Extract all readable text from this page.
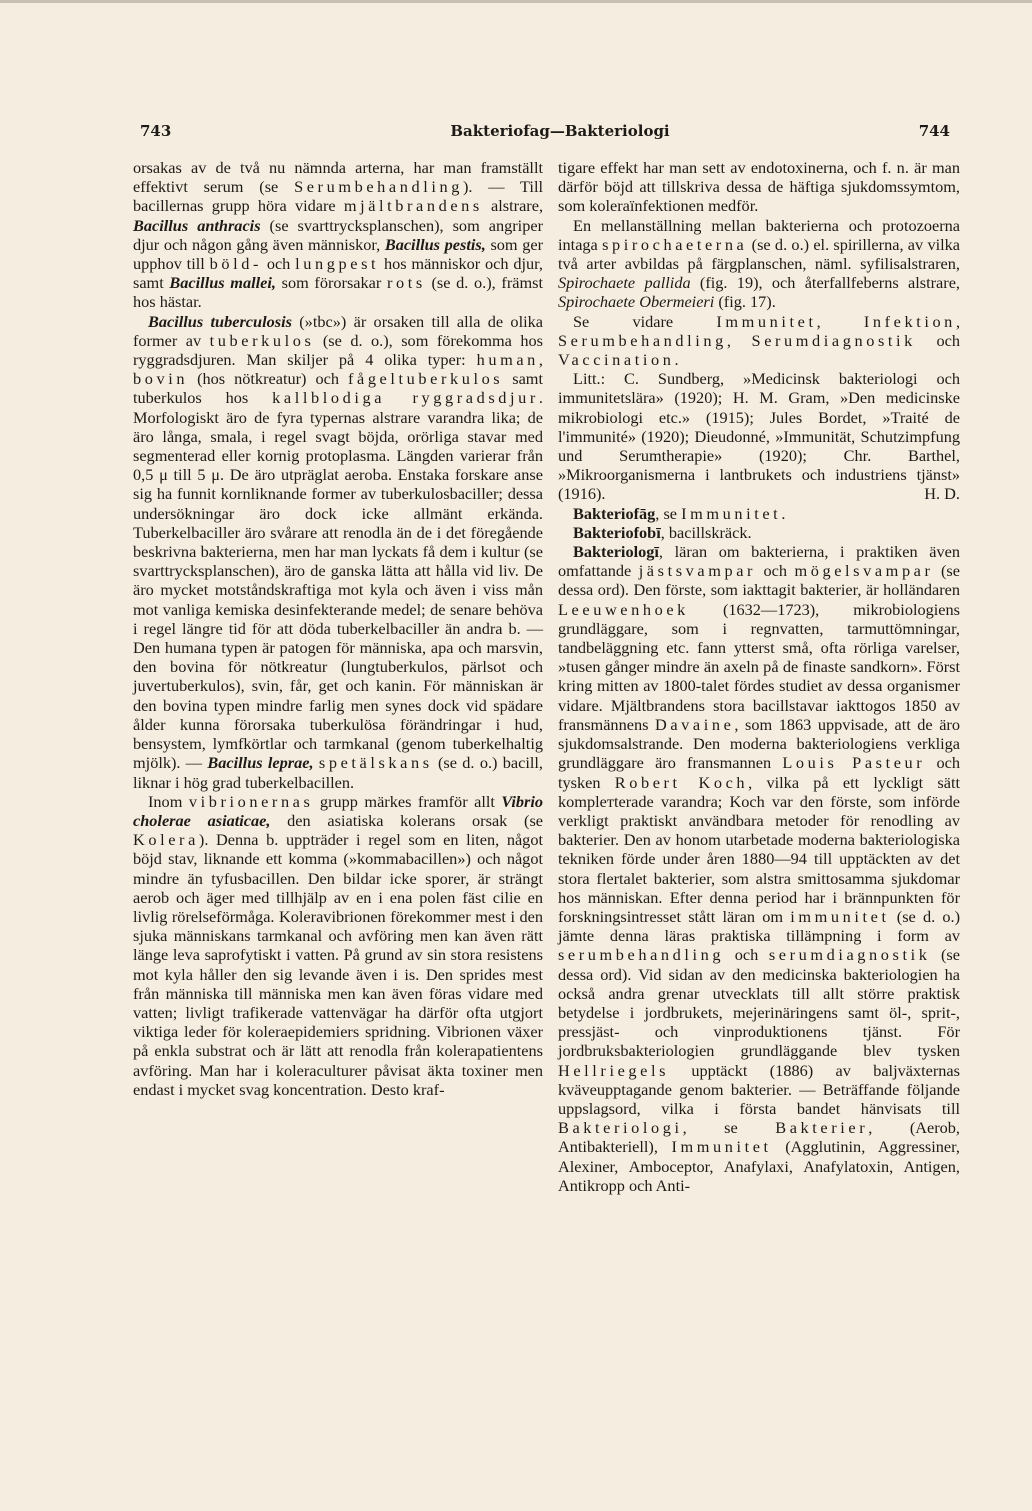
743	Bakteriofag—Bakteriologi	744

orsakas av de två nu nämnda arterna, har man framställt effektivt serum (se Serumbehandling). — Till bacillernas grupp höra vidare mjältbrandens alstrare, Bacillus anthracis (se svarttrycksplanschen), som angriper djur och någon gång även människor, Bacillus pestis, som ger upphov till böld- och lungpest hos människor och djur, samt Bacillus mallei, som förorsakar rots (se d. o.), främst hos hästar.

Bacillus tuberculosis (»tbc») är orsaken till alla de olika former av tuberkulos (se d. o.), som förekomma hos ryggradsdjuren. Man skiljer på 4 olika typer: human, bovin (hos nötkreatur) och fågeltuberkulos samt tuberkulos hos kallblodiga ryggradsdjur. Morfologiskt äro de fyra typernas alstrare varandra lika; de äro långa, smala, i regel svagt böjda, orörliga stavar med segmenterad eller kornig protoplasma. Längden varierar från 0,5 μ till 5 μ. De äro utpräglat aeroba. Enstaka forskare anse sig ha funnit kornliknande former av tuberkulosbaciller; dessa undersökningar äro dock icke allmänt erkända. Tuberkelbaciller äro svårare att renodla än de i det föregående beskrivna bakterierna, men har man lyckats få dem i kultur (se svarttrycksplanschen), äro de ganska lätta att hålla vid liv. De äro mycket motståndskraftiga mot kyla och även i viss mån mot vanliga kemiska desinfekterande medel; de senare behöva i regel längre tid för att döda tuberkelbaciller än andra b. — Den humana typen är patogen för människa, apa och marsvin, den bovina för nötkreatur (lungtuberkulos, pärlsot och juvertuberkulos), svin, får, get och kanin. För människan är den bovina typen mindre farlig men synes dock vid spädare ålder kunna förorsaka tuberkulösa förändringar i hud, bensystem, lymfkörtlar och tarmkanal (genom tuberkelhaltig mjölk). — Bacillus leprae, spetälskans (se d. o.) bacill, liknar i hög grad tuberkelbacillen.

Inom vibrionernas grupp märkes framför allt Vibrio cholerae asiaticae, den asiatiska kolerans orsak (se Kolera). Denna b. uppträder i regel som en liten, något böjd stav, liknande ett komma (»kommabacillen») och något mindre än tyfusbacillen. Den bildar icke sporer, är strängt aerob och äger med tillhjälp av en i ena polen fäst cilie en livlig rörelseförmåga. Koleravibrionen förekommer mest i den sjuka människans tarmkanal och avföring men kan även rätt länge leva saprofytiskt i vatten. På grund av sin stora resistens mot kyla håller den sig levande även i is. Den sprides mest från människa till människa men kan även föras vidare med vatten; livligt trafikerade vattenvägar ha därför ofta utgjort viktiga leder för koleraepidemiers spridning. Vibrionen växer på enkla substrat och är lätt att renodla från kolerapatientens avföring. Man har i koleraculturer påvisat äkta toxiner men endast i mycket svag koncentration. Desto kraf-

tigare effekt har man sett av endotoxinerna, och f. n. är man därför böjd att tillskriva dessa de häftiga sjukdomssymtom, som koleraïnfektionen medför.

En mellanställning mellan bakterierna och protozoerna intaga spirochaeterna (se d. o.) el. spirillerna, av vilka två arter avbildas på färgplanschen, näml. syfilisalstraren, Spirochaete pallida (fig. 19), och återfallfeberns alstrare, Spirochaete Obermeieri (fig. 17).

Se vidare Immunitet, Infektion, Serumbehandling, Serumdiagnostik och Vaccination.

Litt.: C. Sundberg, »Medicinsk bakteriologi och immunitetslära» (1920); H. M. Gram, »Den medicinske mikrobiologi etc.» (1915); Jules Bordet, »Traité de l'immunité» (1920); Dieudonné, »Immunität, Schutzimpfung und Serumtherapie» (1920); Chr. Barthel, »Mikroorganismerna i lantbrukets och industriens tjänst» (1916).	H. D.

Bakteriofāg, se Immunitet.

Bakteriofobī, bacillskräck.

Bakteriologī, läran om bakterierna, i praktiken även omfattande jästsvampar och mögelsvampar (se dessa ord). Den förste, som iakttagit bakterier, är holländaren Leeuwenhoek (1632—1723), mikrobiologiens grundläggare, som i regnvatten, tarmuttömningar, tandbeläggning etc. fann ytterst små, ofta rörliga varelser, »tusen gånger mindre än axeln på de finaste sandkorn». Först kring mitten av 1800-talet fördes studiet av dessa organismer vidare. Mjältbrandens stora bacillstavar iakttogos 1850 av fransmännens Davaine, som 1863 uppvisade, att de äro sjukdomsalstrande. Den moderna bakteriologiens verkliga grundläggare äro fransmannen Louis Pasteur och tysken Robert Koch, vilka på ett lyckligt sätt komplетterade varandra; Koch var den förste, som införde verkligt praktiskt användbara metoder för renodling av bakterier. Den av honom utarbetade moderna bakteriologiska tekniken förde under åren 1880—94 till upptäckten av det stora flertalet bakterier, som alstra smittosamma sjukdomar hos människan. Efter denna period har i brännpunkten för forskningsintresset stått läran om immunitet (se d. o.) jämte denna läras praktiska tillämpning i form av serumbehandling och serumdiagnostik (se dessa ord). Vid sidan av den medicinska bakteriologien ha också andra grenar utvecklats till allt större praktisk betydelse i jordbrukets, mejerinäringens samt öl-, sprit-, pressjäst- och vinproduktionens tjänst. För jordbruksbakteriologien grundläggande blev tysken Hellriegels upptäckt (1886) av baljväxternas kväveupptagande genom bakterier. — Beträffande följande uppslagsord, vilka i första bandet hänvisats till Bakteriologi, se Bakterier, (Aerob, Antibakteriell), Immunitet (Agglutinin, Aggressiner, Alexiner, Amboceptor, Anafylaxi, Anafylatoxin, Antigen, Antikropp och Anti-
